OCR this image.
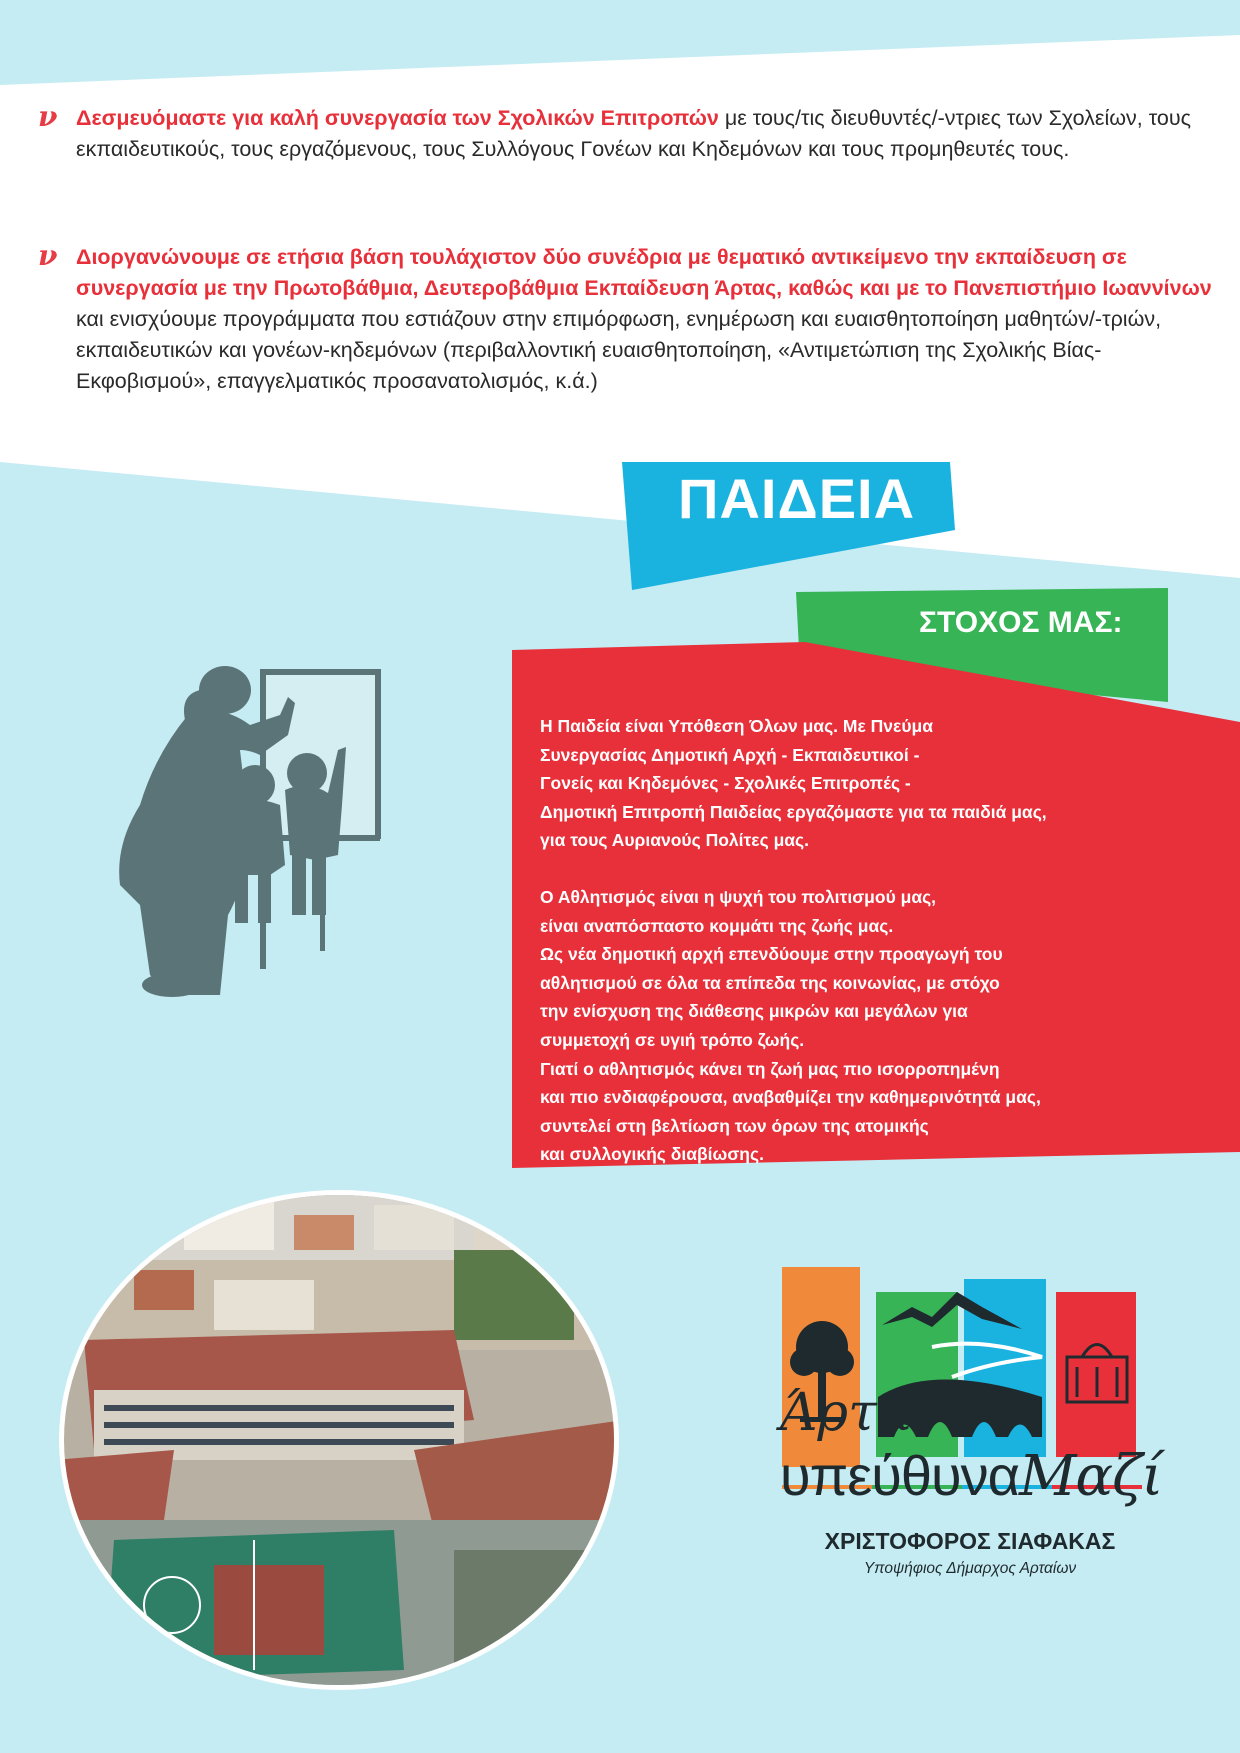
ν Δεσμευόμαστε για καλή συνεργασία των Σχολικών Επιτροπών με τους/τις διευθυντές/-ντριες των Σχολείων, τους εκπαιδευτικούς, τους εργαζόμενους, τους Συλλόγους Γονέων και Κηδεμόνων και τους προμηθευτές τους.

ν Διοργανώνουμε σε ετήσια βάση τουλάχιστον δύο συνέδρια με θεματικό αντικείμενο την εκπαίδευση σε συνεργασία με την Πρωτοβάθμια, Δευτεροβάθμια Εκπαίδευση Άρτας, καθώς και με το Πανεπιστήμιο Ιωαννίνων και ενισχύουμε προγράμματα που εστιάζουν στην επιμόρφωση, ενημέρωση και ευαισθητοποίηση μαθητών/-τριών, εκπαιδευτικών και γονέων-κηδεμόνων (περιβαλλοντική ευαισθητοποίηση, «Αντιμετώπιση της Σχολικής Βίας-Εκφοβισμού», επαγγελματικός προσανατολισμός, κ.ά.)

ΠΑΙΔΕΙΑ
ΣΤΟΧΟΣ ΜΑΣ:

Η Παιδεία είναι Υπόθεση Όλων μας. Με Πνεύμα
Συνεργασίας Δημοτική Αρχή - Εκπαιδευτικοί -
Γονείς και Κηδεμόνες - Σχολικές Επιτροπές -
Δημοτική Επιτροπή Παιδείας εργαζόμαστε για τα παιδιά μας,
για τους Αυριανούς Πολίτες μας.

Ο Αθλητισμός είναι η ψυχή του πολιτισμού μας,
είναι αναπόσπαστο κομμάτι της ζωής μας.
Ως νέα δημοτική αρχή επενδύουμε στην προαγωγή του
αθλητισμού σε όλα τα επίπεδα της κοινωνίας, με στόχο
την ενίσχυση της διάθεσης μικρών και μεγάλων για
συμμετοχή σε υγιή τρόπο ζωής.
Γιατί ο αθλητισμός κάνει τη ζωή μας πιο ισορροπημένη
και πιο ενδιαφέρουσα, αναβαθμίζει την καθημερινότητά μας,
συντελεί στη βελτίωση των όρων της ατομικής
και συλλογικής διαβίωσης.

Άρτα
υπεύθυναΜαζί
ΧΡΙΣΤΟΦΟΡΟΣ ΣΙΑΦΑΚΑΣ
Υποψήφιος Δήμαρχος Αρταίων
